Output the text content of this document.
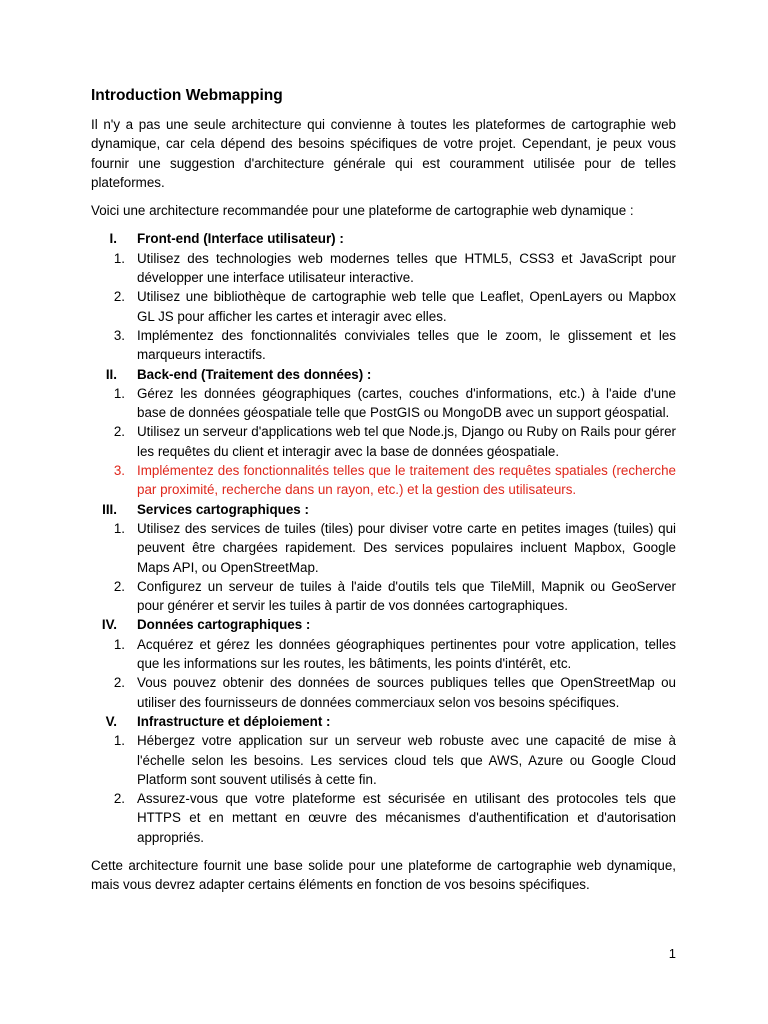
Introduction Webmapping

Il n'y a pas une seule architecture qui convienne à toutes les plateformes de cartographie web dynamique, car cela dépend des besoins spécifiques de votre projet. Cependant, je peux vous fournir une suggestion d'architecture générale qui est couramment utilisée pour de telles plateformes.

Voici une architecture recommandée pour une plateforme de cartographie web dynamique :

I. Front-end (Interface utilisateur) :
1. Utilisez des technologies web modernes telles que HTML5, CSS3 et JavaScript pour développer une interface utilisateur interactive.
2. Utilisez une bibliothèque de cartographie web telle que Leaflet, OpenLayers ou Mapbox GL JS pour afficher les cartes et interagir avec elles.
3. Implémentez des fonctionnalités conviviales telles que le zoom, le glissement et les marqueurs interactifs.
II. Back-end (Traitement des données) :
1. Gérez les données géographiques (cartes, couches d'informations, etc.) à l'aide d'une base de données géospatiale telle que PostGIS ou MongoDB avec un support géospatial.
2. Utilisez un serveur d'applications web tel que Node.js, Django ou Ruby on Rails pour gérer les requêtes du client et interagir avec la base de données géospatiale.
3. Implémentez des fonctionnalités telles que le traitement des requêtes spatiales (recherche par proximité, recherche dans un rayon, etc.) et la gestion des utilisateurs.
III. Services cartographiques :
1. Utilisez des services de tuiles (tiles) pour diviser votre carte en petites images (tuiles) qui peuvent être chargées rapidement. Des services populaires incluent Mapbox, Google Maps API, ou OpenStreetMap.
2. Configurez un serveur de tuiles à l'aide d'outils tels que TileMill, Mapnik ou GeoServer pour générer et servir les tuiles à partir de vos données cartographiques.
IV. Données cartographiques :
1. Acquérez et gérez les données géographiques pertinentes pour votre application, telles que les informations sur les routes, les bâtiments, les points d'intérêt, etc.
2. Vous pouvez obtenir des données de sources publiques telles que OpenStreetMap ou utiliser des fournisseurs de données commerciaux selon vos besoins spécifiques.
V. Infrastructure et déploiement :
1. Hébergez votre application sur un serveur web robuste avec une capacité de mise à l'échelle selon les besoins. Les services cloud tels que AWS, Azure ou Google Cloud Platform sont souvent utilisés à cette fin.
2. Assurez-vous que votre plateforme est sécurisée en utilisant des protocoles tels que HTTPS et en mettant en œuvre des mécanismes d'authentification et d'autorisation appropriés.

Cette architecture fournit une base solide pour une plateforme de cartographie web dynamique, mais vous devrez adapter certains éléments en fonction de vos besoins spécifiques.

1
